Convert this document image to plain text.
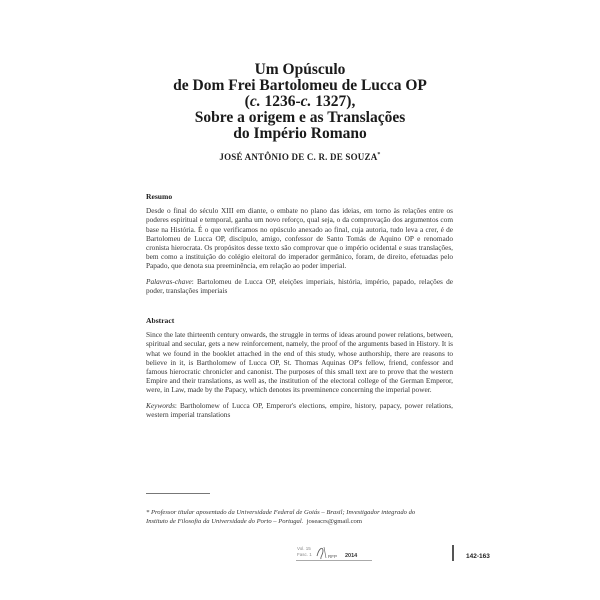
Um Opúsculo
de Dom Frei Bartolomeu de Lucca OP
(c. 1236-c. 1327),
Sobre a origem e as Translações
do Império Romano
JOSÉ ANTÔNIO DE C. R. DE SOUZA*
Resumo

Desde o final do século XIII em diante, o embate no plano das ideias, em torno às relações entre os poderes espiritual e temporal, ganha um novo reforço, qual seja, o da comprovação dos argumentos com base na História. É o que verificamos no opúsculo anexado ao final, cuja autoria, tudo leva a crer, é de Bartolomeu de Lucca OP, discípulo, amigo, confessor de Santo Tomás de Aquino OP e renomado cronista hierocrata. Os propósitos desse texto são comprovar que o império ocidental e suas translações, bem como a instituição do colégio eleitoral do imperador germânico, foram, de direito, efetuadas pelo Papado, que denota sua preeminência, em relação ao poder imperial.

Palavras-chave: Bartolomeu de Lucca OP, eleições imperiais, história, império, papado, relações de poder, translações imperiais
Abstract

Since the late thirteenth century onwards, the struggle in terms of ideas around power relations, between, spiritual and secular, gets a new reinforcement, namely, the proof of the arguments based in History. It is what we found in the booklet attached in the end of this study, whose authorship, there are reasons to believe in it, is Bartholomew of Lucca OP, St. Thomas Aquinas OP's fellow, friend, confessor and famous hierocratic chronicler and canonist. The purposes of this small text are to prove that the western Empire and their translations, as well as, the institution of the electoral college of the German Emperor, were, in Law, made by the Papacy, which denotes its preeminence concerning the imperial power.

Keywords: Bartholomew of Lucca OP, Emperor's elections, empire, history, papacy, power relations, western imperial translations
* Professor titular aposentado da Universidade Federal de Goiás – Brasil; Investigador integrado do Instituto de Filosofia da Universidade do Porto – Portugal. joseacrs@gmail.com
Vol. 15
Fasc. 1	RFP 2014	142-163
